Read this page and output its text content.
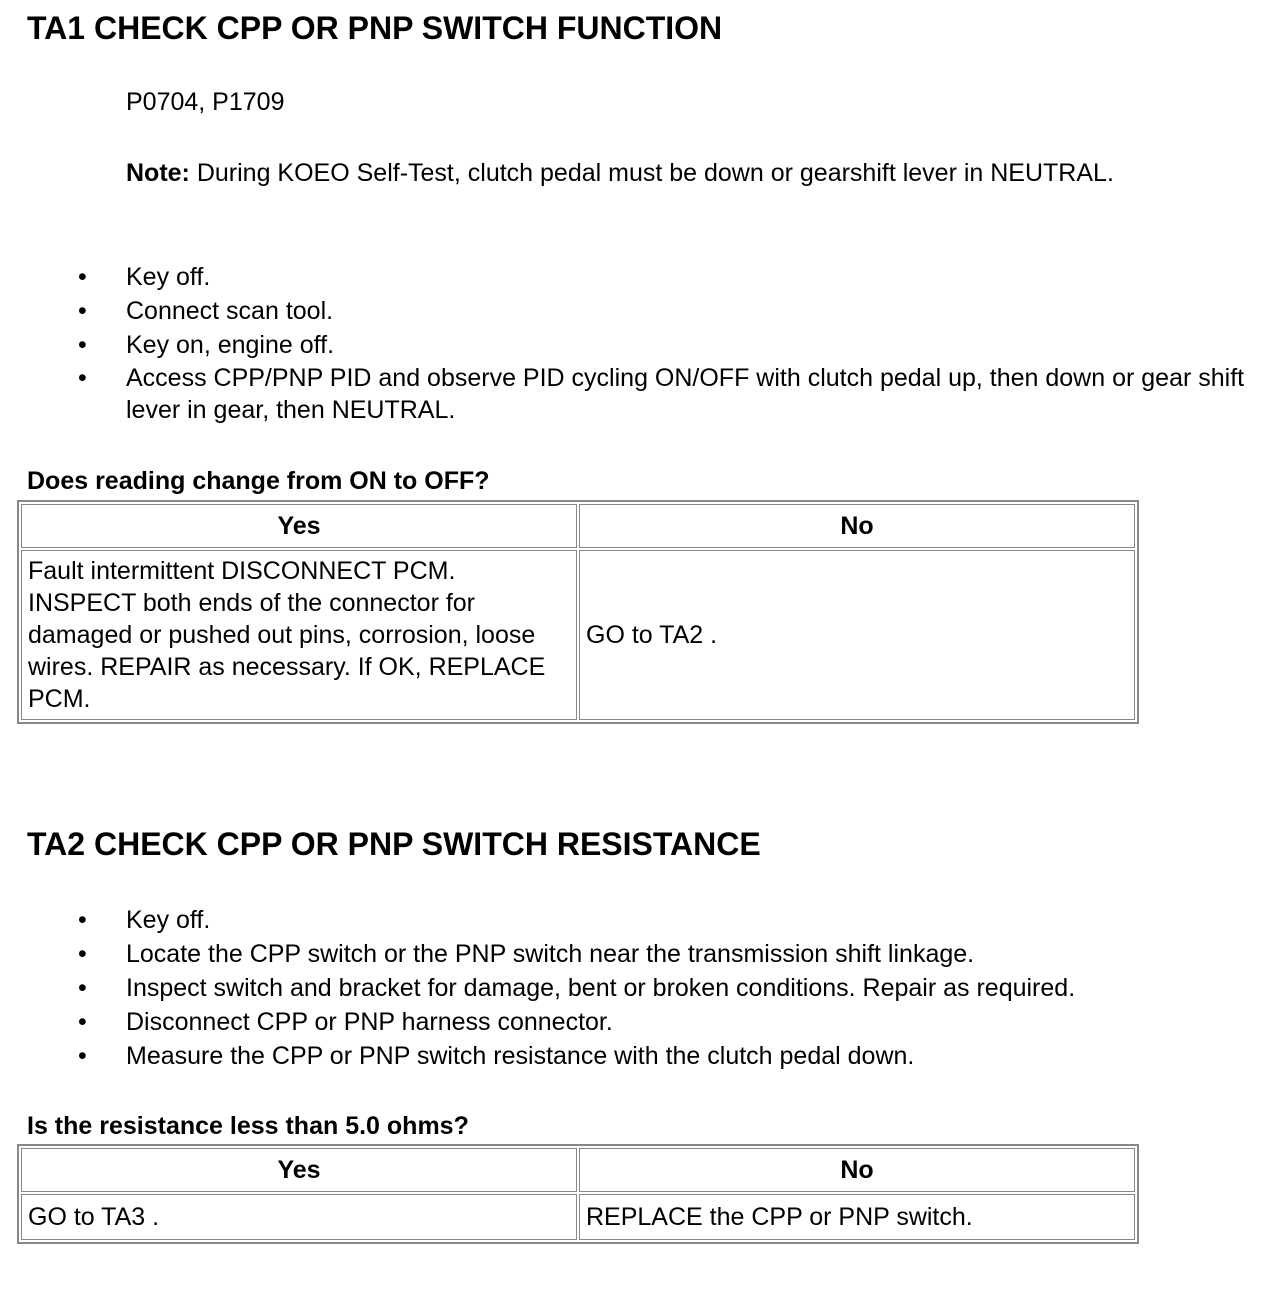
TA1 CHECK CPP OR PNP SWITCH FUNCTION

P0704, P1709

Note: During KOEO Self-Test, clutch pedal must be down or gearshift lever in NEUTRAL.

• Key off.
• Connect scan tool.
• Key on, engine off.
• Access CPP/PNP PID and observe PID cycling ON/OFF with clutch pedal up, then down or gear shift lever in gear, then NEUTRAL.

Does reading change from ON to OFF?

Yes	No
Fault intermittent DISCONNECT PCM. INSPECT both ends of the connector for damaged or pushed out pins, corrosion, loose wires. REPAIR as necessary. If OK, REPLACE PCM.	GO to TA2 .
TA2 CHECK CPP OR PNP SWITCH RESISTANCE
• Key off.
• Locate the CPP switch or the PNP switch near the transmission shift linkage.
• Inspect switch and bracket for damage, bent or broken conditions. Repair as required.
• Disconnect CPP or PNP harness connector.
• Measure the CPP or PNP switch resistance with the clutch pedal down.

Is the resistance less than 5.0 ohms?

Yes	No
GO to TA3 .	REPLACE the CPP or PNP switch.
